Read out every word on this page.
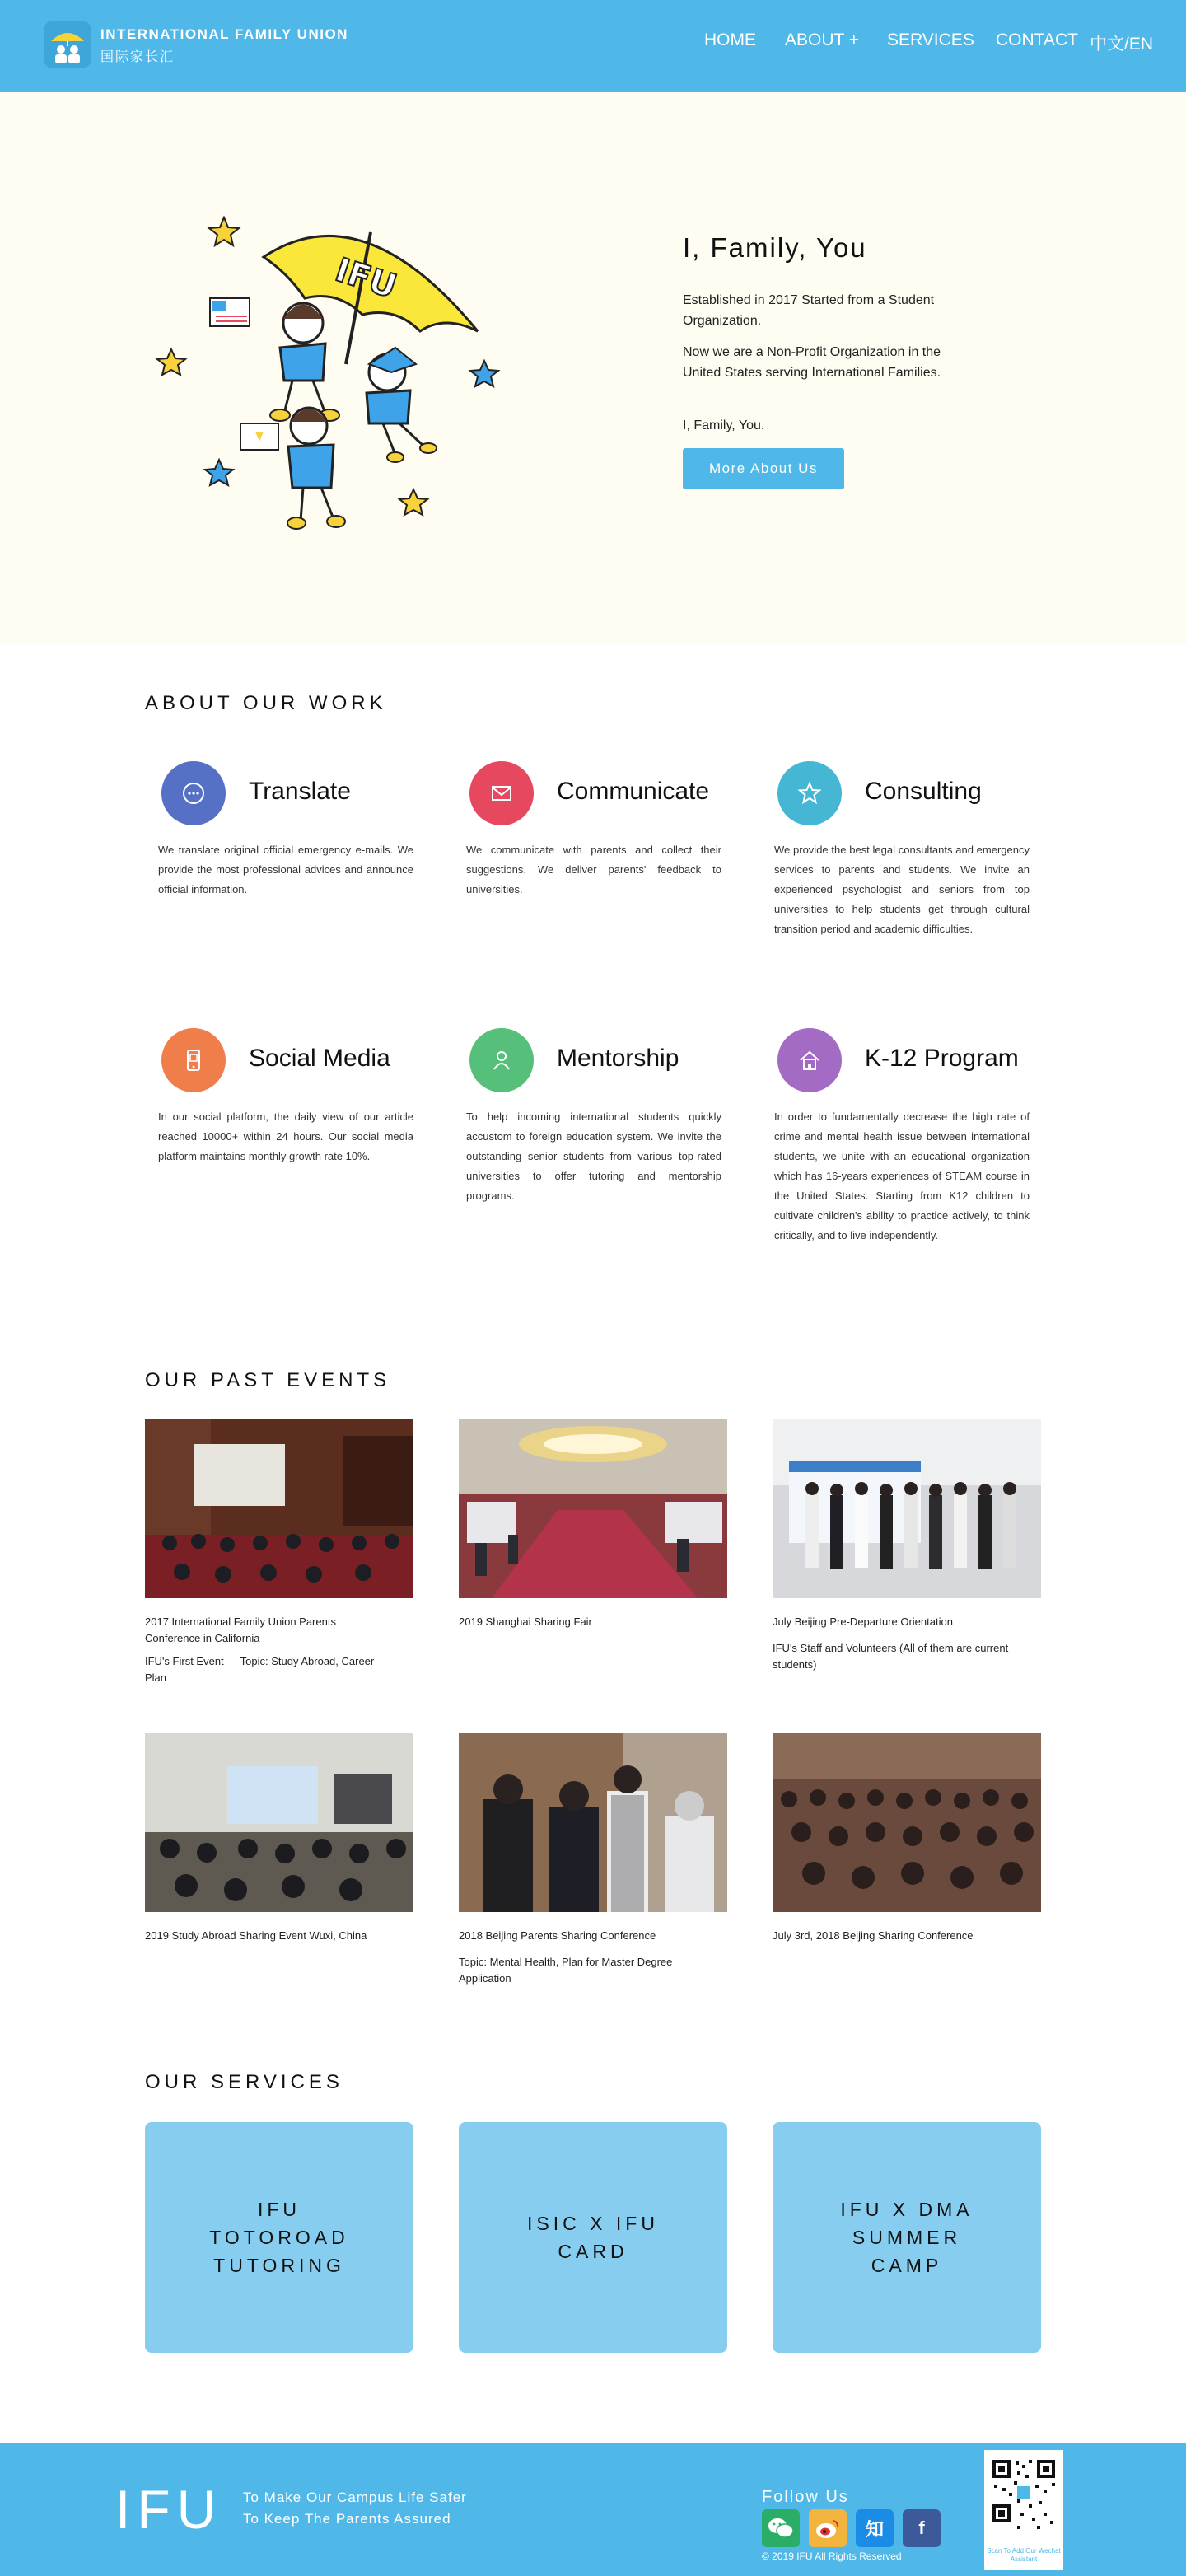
INTERNATIONAL FAMILY UNION
国际家长汇
HOME	ABOUT +	SERVICES	CONTACT 中文/EN
IFU
I, Family, You
Established in 2017 Started from a Student Organization.
Now we are a Non-Profit Organization in the United States serving International Families.
I, Family, You.
More About Us
ABOUT OUR WORK
Translate
We translate original official emergency e-mails. We provide the most professional advices and announce official information.
Communicate
We communicate with parents and collect their suggestions. We deliver parents' feedback to universities.
Consulting
We provide the best legal consultants and emergency services to parents and students. We invite an experienced psychologist and seniors from top universities to help students get through cultural transition period and academic difficulties.
Social Media
In our social platform, the daily view of our article reached 10000+ within 24 hours. Our social media platform maintains monthly growth rate 10%.
Mentorship
To help incoming international students quickly accustom to foreign education system. We invite the outstanding senior students from various top-rated universities to offer tutoring and mentorship programs.
K-12 Program
In order to fundamentally decrease the high rate of crime and mental health issue between international students, we unite with an educational organization which has 16-years experiences of STEAM course in the United States. Starting from K12 children to cultivate children's ability to practice actively, to think critically, and to live independently.
OUR PAST EVENTS
2017 International Family Union Parents Conference in California
IFU's First Event — Topic: Study Abroad, Career Plan
2019 Shanghai Sharing Fair	July Beijing Pre-Departure Orientation
IFU's Staff and Volunteers (All of them are current students)
2019 Study Abroad Sharing Event Wuxi, China	2018 Beijing Parents Sharing Conference
Topic: Mental Health, Plan for Master Degree Application
July 3rd, 2018 Beijing Sharing Conference
OUR SERVICES
IFU
TOTOROAD
TUTORING
ISIC X IFU
CARD
IFU X DMA
SUMMER
CAMP
IFU To Make Our Campus Life Safer
To Keep The Parents Assured
Follow Us
知	f
© 2019 IFU All Rights Reserved	Scan To Add Our Wechat Assistant
